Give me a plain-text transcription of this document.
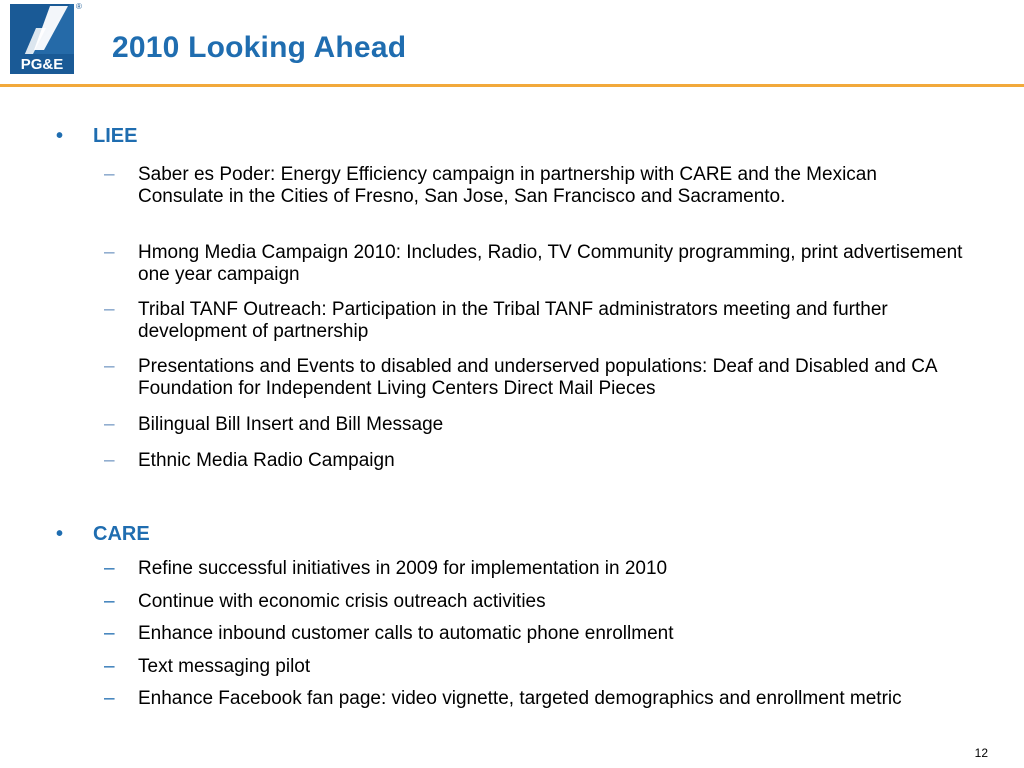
PG&E
®
2010 Looking Ahead
• LIEE
–	Saber es Poder: Energy Efficiency campaign in partnership with CARE and the Mexican Consulate in the Cities of Fresno, San Jose, San Francisco and Sacramento.
–	Hmong Media Campaign 2010: Includes, Radio, TV Community programming, print advertisement one year campaign
–	Tribal TANF Outreach: Participation in the Tribal TANF administrators meeting and further development of partnership
–	Presentations and Events to disabled and underserved populations: Deaf and Disabled and CA Foundation for Independent Living Centers Direct Mail Pieces
–	Bilingual Bill Insert and Bill Message
–	Ethnic Media Radio Campaign
• CARE
–	Refine successful initiatives in 2009 for implementation in 2010
–	Continue with economic crisis outreach activities
–	Enhance inbound customer calls to automatic phone enrollment
–	Text messaging pilot
–	Enhance Facebook fan page: video vignette, targeted demographics and enrollment metric
12
